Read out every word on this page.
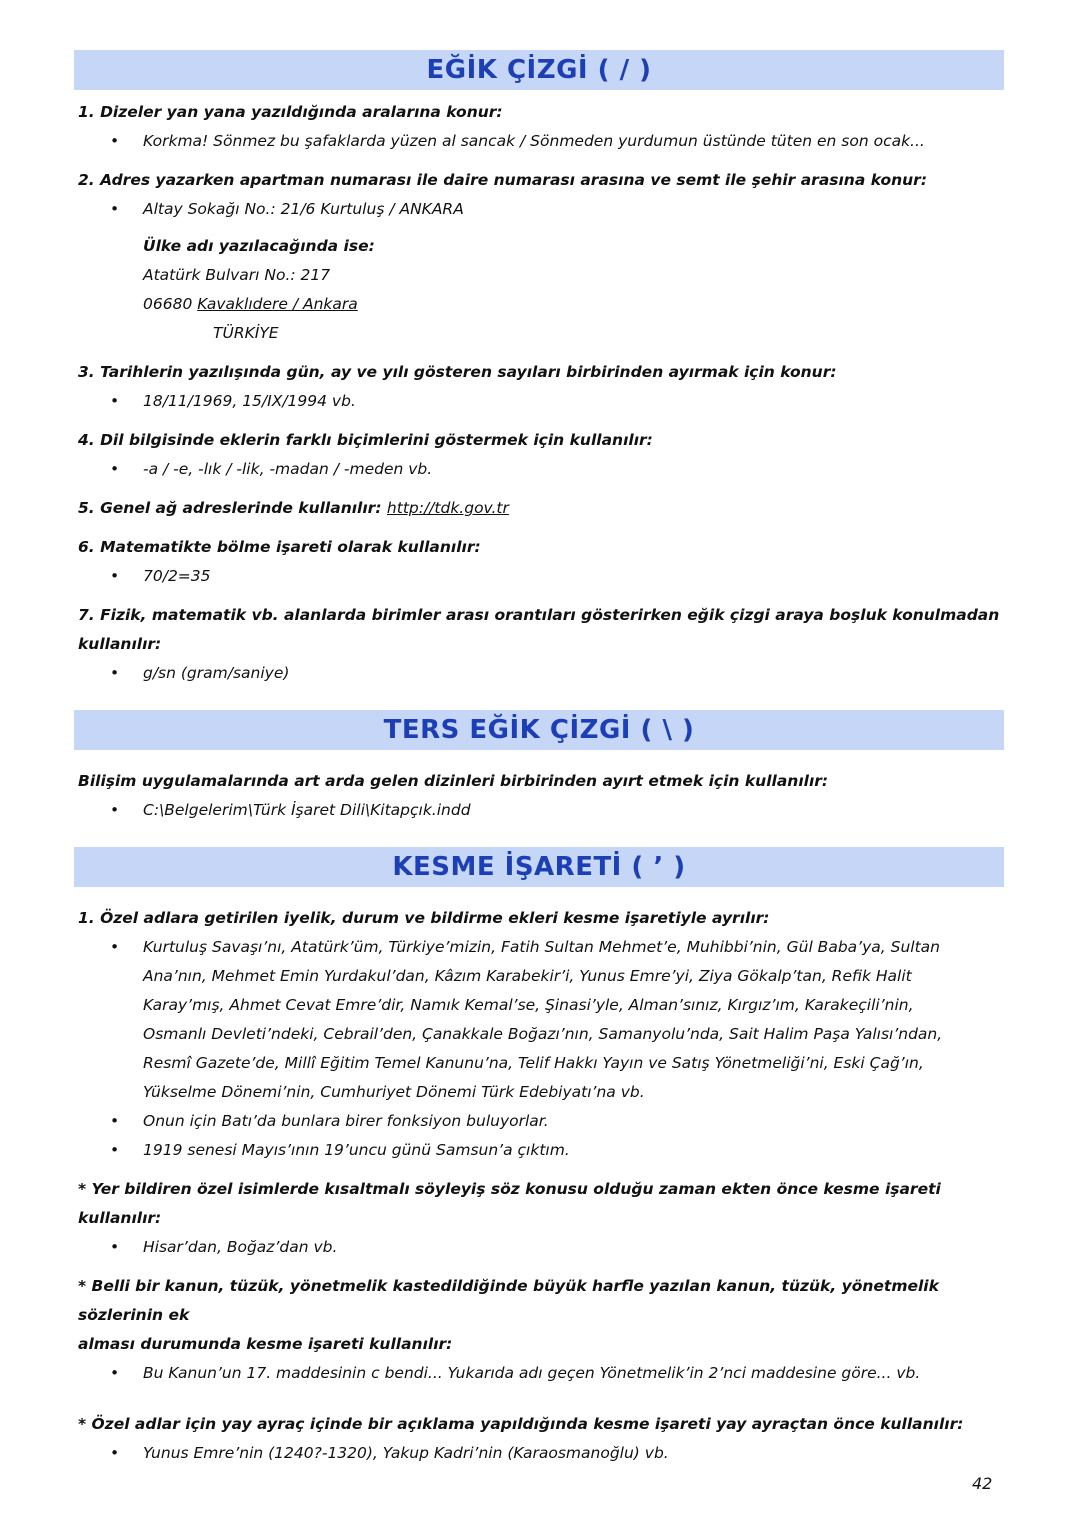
EĞİK ÇİZGİ ( / )
1. Dizeler yan yana yazıldığında aralarına konur:
•	Korkma! Sönmez bu şafaklarda yüzen al sancak / Sönmeden yurdumun üstünde tüten en son ocak...
2. Adres yazarken apartman numarası ile daire numarası arasına ve semt ile şehir arasına konur:
•	Altay Sokağı No.: 21/6 Kurtuluş / ANKARA
Ülke adı yazılacağında ise:
Atatürk Bulvarı No.: 217
06680 Kavaklıdere / Ankara
TÜRKİYE
3. Tarihlerin yazılışında gün, ay ve yılı gösteren sayıları birbirinden ayırmak için konur:
•	18/11/1969, 15/IX/1994 vb.
4. Dil bilgisinde eklerin farklı biçimlerini göstermek için kullanılır:
•	-a / -e, -lık / -lik, -madan / -meden vb.
5. Genel ağ adreslerinde kullanılır: http://tdk.gov.tr
6. Matematikte bölme işareti olarak kullanılır:
•	70/2=35
7. Fizik, matematik vb. alanlarda birimler arası orantıları gösterirken eğik çizgi araya boşluk konulmadan
kullanılır:
•	g/sn (gram/saniye)
TERS EĞİK ÇİZGİ ( \ )
Bilişim uygulamalarında art arda gelen dizinleri birbirinden ayırt etmek için kullanılır:
•	C:\Belgelerim\Türk İşaret Dili\Kitapçık.indd
KESME İŞARETİ ( ’ )
1. Özel adlara getirilen iyelik, durum ve bildirme ekleri kesme işaretiyle ayrılır:
•	Kurtuluş Savaşı’nı, Atatürk’üm, Türkiye’mizin, Fatih Sultan Mehmet’e, Muhibbi’nin, Gül Baba’ya, Sultan
Ana’nın, Mehmet Emin Yurdakul’dan, Kâzım Karabekir’i, Yunus Emre’yi, Ziya Gökalp’tan, Refik Halit
Karay’mış, Ahmet Cevat Emre’dir, Namık Kemal’se, Şinasi’yle, Alman’sınız, Kırgız’ım, Karakeçili’nin,
Osmanlı Devleti’ndeki, Cebrail’den, Çanakkale Boğazı’nın, Samanyolu’nda, Sait Halim Paşa Yalısı’ndan,
Resmî Gazete’de, Millî Eğitim Temel Kanunu’na, Telif Hakkı Yayın ve Satış Yönetmeliği’ni, Eski Çağ’ın,
Yükselme Dönemi’nin, Cumhuriyet Dönemi Türk Edebiyatı’na vb.
•	Onun için Batı’da bunlara birer fonksiyon buluyorlar.
•	1919 senesi Mayıs’ının 19’uncu günü Samsun’a çıktım.
* Yer bildiren özel isimlerde kısaltmalı söyleyiş söz konusu olduğu zaman ekten önce kesme işareti kullanılır:
•	Hisar’dan, Boğaz’dan vb.
* Belli bir kanun, tüzük, yönetmelik kastedildiğinde büyük harfle yazılan kanun, tüzük, yönetmelik sözlerinin ek
alması durumunda kesme işareti kullanılır:
•	Bu Kanun’un 17. maddesinin c bendi... Yukarıda adı geçen Yönetmelik’in 2’nci maddesine göre... vb.
* Özel adlar için yay ayraç içinde bir açıklama yapıldığında kesme işareti yay ayraçtan önce kullanılır:
•	Yunus Emre’nin (1240?-1320), Yakup Kadri’nin (Karaosmanoğlu) vb.
42
